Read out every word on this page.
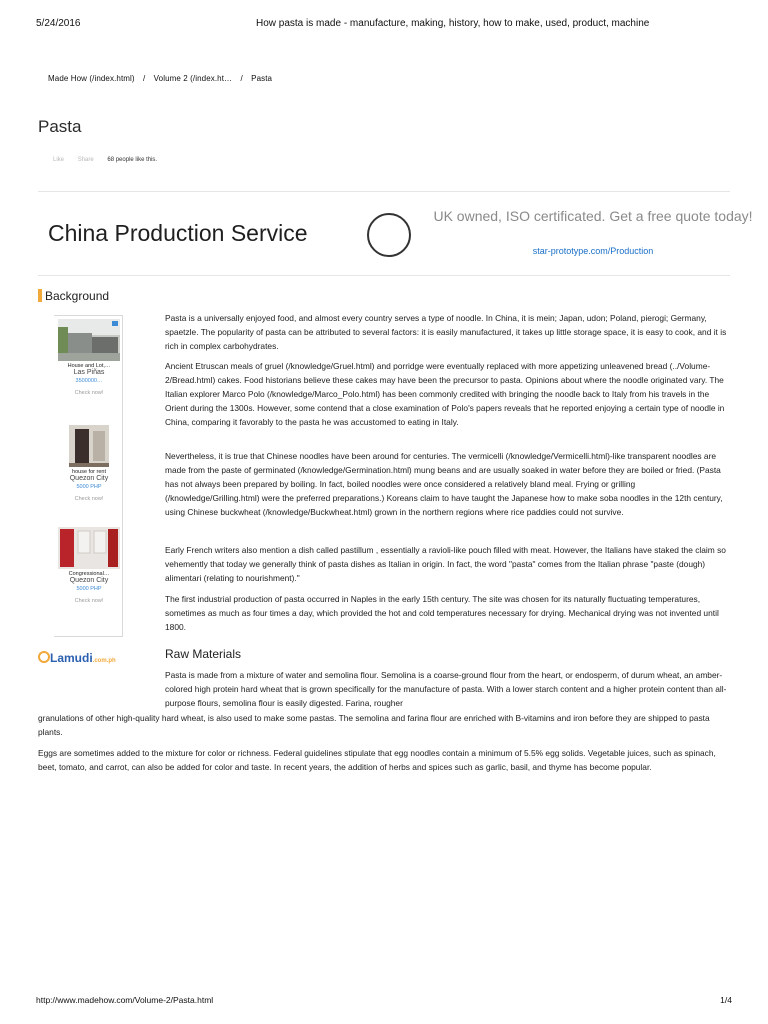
5/24/2016	How pasta is made - manufacture, making, history, how to make, used, product, machine
Made How (/index.html) / Volume 2 (/index.ht… / Pasta
Pasta
Like Share 68 people like this.
China Production Service
UK owned, ISO certificated. Get a free quote today!
star-prototype.com/Production
Background
House and Lot,…
Las Piñas
3500000…
Check now!
house for rent
Quezon City
5000 PHP
Check now!
Congressional…
Quezon City
5000 PHP
Check now!
Lamudi.com.ph

Pasta is a universally enjoyed food, and almost every country serves a type of noodle. In China, it is mein; Japan, udon; Poland, pierogi; Germany, spaetzle. The popularity of pasta can be attributed to several factors: it is easily manufactured, it takes up little storage space, it is easy to cook, and it is rich in complex carbohydrates.

Ancient Etruscan meals of gruel (/knowledge/Gruel.html) and porridge were eventually replaced with more appetizing unleavened bread (../Volume-2/Bread.html) cakes. Food historians believe these cakes may have been the precursor to pasta. Opinions about where the noodle originated vary. The Italian explorer Marco Polo (/knowledge/Marco_Polo.html) has been commonly credited with bringing the noodle back to Italy from his travels in the Orient during the 1300s. However, some contend that a close examination of Polo's papers reveals that he reported enjoying a certain type of noodle in China, comparing it favorably to the pasta he was accustomed to eating in Italy.

Nevertheless, it is true that Chinese noodles have been around for centuries. The vermicelli (/knowledge/Vermicelli.html)-like transparent noodles are made from the paste of germinated (/knowledge/Germination.html) mung beans and are usually soaked in water before they are boiled or fried. (Pasta has not always been prepared by boiling. In fact, boiled noodles were once considered a relatively bland meal. Frying or grilling (/knowledge/Grilling.html) were the preferred preparations.) Koreans claim to have taught the Japanese how to make soba noodles in the 12th century, using Chinese buckwheat (/knowledge/Buckwheat.html) grown in the northern regions where rice paddies could not survive.

Early French writers also mention a dish called pastillum , essentially a ravioli-like pouch filled with meat. However, the Italians have staked the claim so vehemently that today we generally think of pasta dishes as Italian in origin. In fact, the word "pasta" comes from the Italian phrase "paste (dough) alimentari (relating to nourishment)."

The first industrial production of pasta occurred in Naples in the early 15th century. The site was chosen for its naturally fluctuating temperatures, sometimes as much as four times a day, which provided the hot and cold temperatures necessary for drying. Mechanical drying was not invented until 1800.

Raw Materials

Pasta is made from a mixture of water and semolina flour. Semolina is a coarse-ground flour from the heart, or endosperm, of durum wheat, an amber-colored high protein hard wheat that is grown specifically for the manufacture of pasta. With a lower starch content and a higher protein content than all-purpose flours, semolina flour is easily digested. Farina, rougher

granulations of other high-quality hard wheat, is also used to make some pastas. The semolina and farina flour are enriched with B-vitamins and iron before they are shipped to pasta plants.

Eggs are sometimes added to the mixture for color or richness. Federal guidelines stipulate that egg noodles contain a minimum of 5.5% egg solids. Vegetable juices, such as spinach, beet, tomato, and carrot, can also be added for color and taste. In recent years, the addition of herbs and spices such as garlic, basil, and thyme has become popular.

http://www.madehow.com/Volume-2/Pasta.html	1/4
